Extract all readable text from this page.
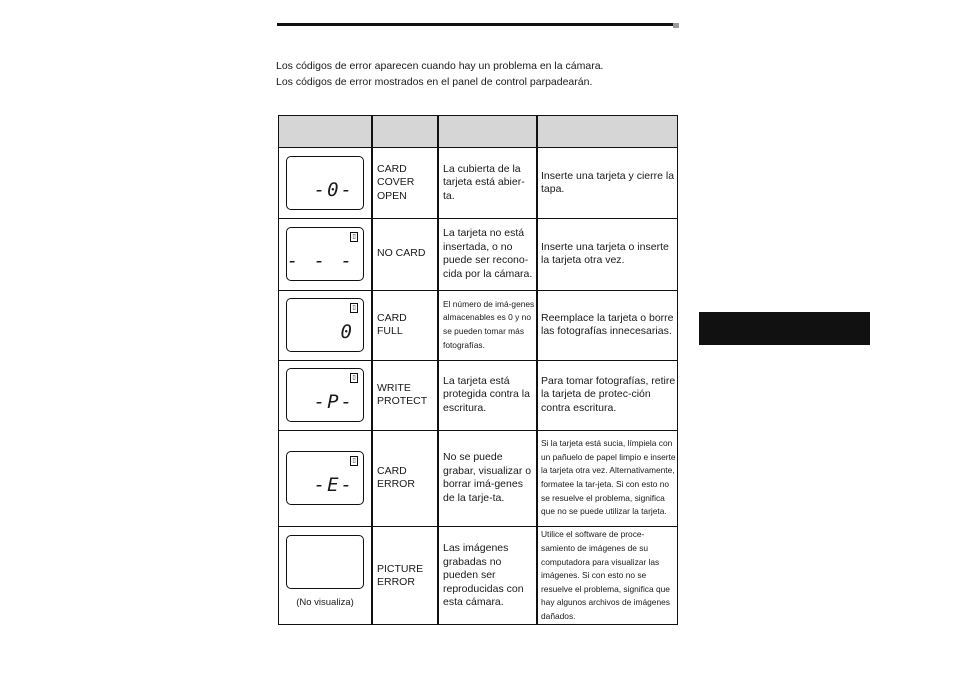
Los códigos de error aparecen cuando hay un problema en la cámara.
Los códigos de error mostrados en el panel de control parpadearán.
-0-
CARD
COVER
OPEN
La cubierta de la tarjeta está abier-ta.
Inserte una tarjeta y cierre la tapa.
▯
- - - NO CARD
La tarjeta no está insertada, o no puede ser recono-cida por la cámara.
Inserte una tarjeta o inserte la tarjeta otra vez.
▯
0
CARD
FULL
El número de imá-genes almacenables es 0 y no se pueden tomar más fotografías.
Reemplace la tarjeta o borre las fotografías innecesarias.
▯
-P-
WRITE
PROTECT
La tarjeta está protegida contra la escritura.
Para tomar fotografías, retire la tarjeta de protec-ción contra escritura.
▯
-E-
CARD
ERROR
No se puede grabar, visualizar o borrar imá-genes de la tarje-ta.
Si la tarjeta está sucia, límpiela con un pañuelo de papel limpio e inserte la tarjeta otra vez. Alternativamente, formatee la tar-jeta. Si con esto no se resuelve el problema, significa que no se puede utilizar la tarjeta.
(No visualiza)
PICTURE
ERROR
Las imágenes grabadas no pueden ser reproducidas con esta cámara.
Utilice el software de proce-samiento de imágenes de su computadora para visualizar las imágenes. Si con esto no se resuelve el problema, significa que hay algunos archivos de imágenes dañados.
